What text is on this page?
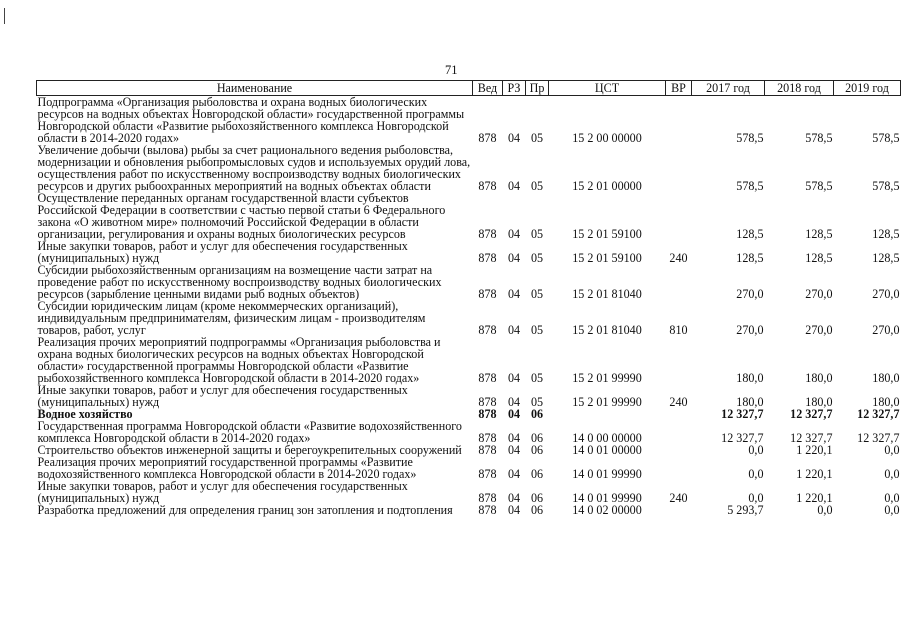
71
Наименование	Вед	РЗ	Пр	ЦСТ	ВР	2017 год	2018 год	2019 год
Подпрограмма «Организация рыболовства и охрана водных биологических ресурсов на водных объектах Новгородской области» государственной программы Новгородской области «Развитие рыбохозяйственного комплекса Новгородской области в 2014-2020 годах»	878	04	05	15 2 00 00000		578,5	578,5	578,5
Увеличение добычи (вылова) рыбы за счет рационального ведения рыболовства, модернизации и обновления рыбопромысловых судов и используемых орудий лова, осуществления работ по искусственному воспроизводству водных биологических ресурсов и других рыбоохранных мероприятий на водных объектах области	878	04	05	15 2 01 00000		578,5	578,5	578,5
Осуществление переданных органам государственной власти субъектов Российской Федерации в соответствии с частью первой статьи 6 Федерального закона «О животном мире» полномочий Российской Федерации в области организации, регулирования и охраны водных биологических ресурсов	878	04	05	15 2 01 59100		128,5	128,5	128,5
Иные закупки товаров, работ и услуг для обеспечения государственных (муниципальных) нужд	878	04	05	15 2 01 59100	240	128,5	128,5	128,5
Субсидии рыбохозяйственным организациям на возмещение части затрат на проведение работ по искусственному воспроизводству водных биологических ресурсов (зарыбление ценными видами рыб водных объектов)	878	04	05	15 2 01 81040		270,0	270,0	270,0
Субсидии юридическим лицам (кроме некоммерческих организаций), индивидуальным предпринимателям, физическим лицам - производителям товаров, работ, услуг	878	04	05	15 2 01 81040	810	270,0	270,0	270,0
Реализация прочих мероприятий подпрограммы «Организация рыболовства и охрана водных биологических ресурсов на водных объектах Новгородской области» государственной программы Новгородской области «Развитие рыбохозяйственного комплекса Новгородской области в 2014-2020 годах»	878	04	05	15 2 01 99990		180,0	180,0	180,0
Иные закупки товаров, работ и услуг для обеспечения государственных (муниципальных) нужд	878	04	05	15 2 01 99990	240	180,0	180,0	180,0
Водное хозяйство	878	04	06			12 327,7	12 327,7	12 327,7
Государственная программа Новгородской области «Развитие водохозяйственного комплекса Новгородской области в 2014-2020 годах»	878	04	06	14 0 00 00000		12 327,7	12 327,7	12 327,7
Строительство объектов инженерной защиты и берегоукрепительных сооружений	878	04	06	14 0 01 00000		0,0	1 220,1	0,0
Реализация прочих мероприятий государственной программы «Развитие водохозяйственного комплекса Новгородской области в 2014-2020 годах»	878	04	06	14 0 01 99990		0,0	1 220,1	0,0
Иные закупки товаров, работ и услуг для обеспечения государственных (муниципальных) нужд	878	04	06	14 0 01 99990	240	0,0	1 220,1	0,0
Разработка предложений для определения границ зон затопления и подтопления	878	04	06	14 0 02 00000		5 293,7	0,0	0,0
